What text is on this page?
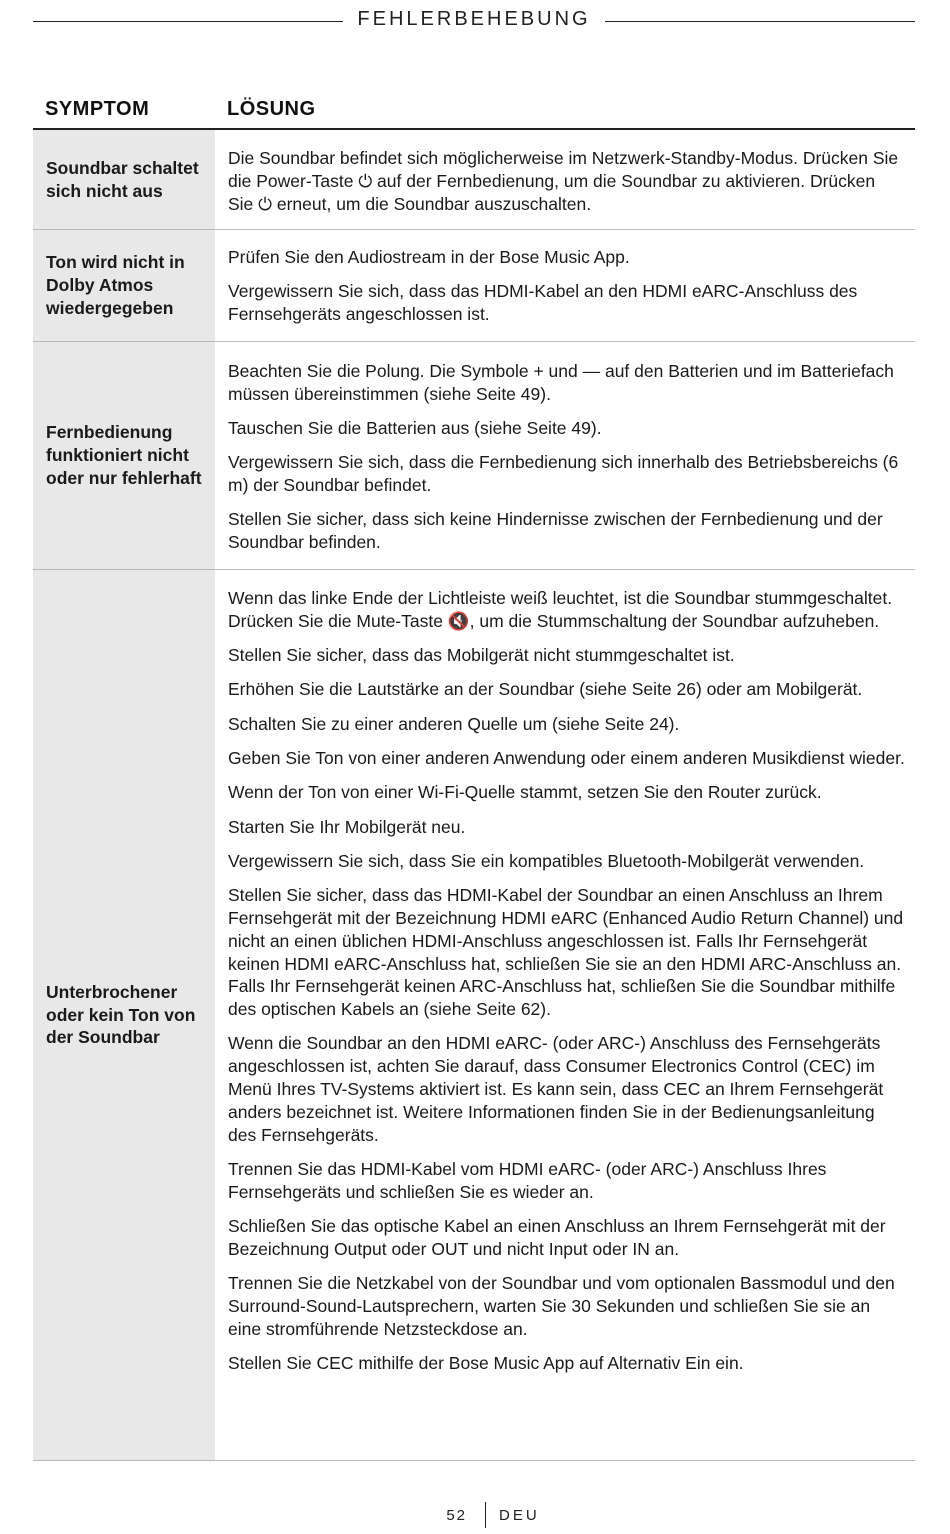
FEHLERBEHEBUNG
SYMPTOM	LÖSUNG
Soundbar schaltet sich nicht aus

Die Soundbar befindet sich möglicherweise im Netzwerk-Standby-Modus. Drücken Sie die Power-Taste ⏻ auf der Fernbedienung, um die Soundbar zu aktivieren. Drücken Sie ⏻ erneut, um die Soundbar auszuschalten.

Ton wird nicht in Dolby Atmos wiedergegeben

Prüfen Sie den Audiostream in der Bose Music App.

Vergewissern Sie sich, dass das HDMI-Kabel an den HDMI eARC-Anschluss des Fernsehgeräts angeschlossen ist.

Fernbedienung funktioniert nicht oder nur fehlerhaft

Beachten Sie die Polung. Die Symbole + und — auf den Batterien und im Batteriefach müssen übereinstimmen (siehe Seite 49).

Tauschen Sie die Batterien aus (siehe Seite 49).

Vergewissern Sie sich, dass die Fernbedienung sich innerhalb des Betriebsbereichs (6 m) der Soundbar befindet.

Stellen Sie sicher, dass sich keine Hindernisse zwischen der Fernbedienung und der Soundbar befinden.

Unterbrochener oder kein Ton von der Soundbar

Wenn das linke Ende der Lichtleiste weiß leuchtet, ist die Soundbar stummgeschaltet. Drücken Sie die Mute-Taste 🔇, um die Stummschaltung der Soundbar aufzuheben.

Stellen Sie sicher, dass das Mobilgerät nicht stummgeschaltet ist.

Erhöhen Sie die Lautstärke an der Soundbar (siehe Seite 26) oder am Mobilgerät.

Schalten Sie zu einer anderen Quelle um (siehe Seite 24).

Geben Sie Ton von einer anderen Anwendung oder einem anderen Musikdienst wieder.

Wenn der Ton von einer Wi-Fi-Quelle stammt, setzen Sie den Router zurück.

Starten Sie Ihr Mobilgerät neu.

Vergewissern Sie sich, dass Sie ein kompatibles Bluetooth-Mobilgerät verwenden.

Stellen Sie sicher, dass das HDMI-Kabel der Soundbar an einen Anschluss an Ihrem Fernsehgerät mit der Bezeichnung HDMI eARC (Enhanced Audio Return Channel) und nicht an einen üblichen HDMI-Anschluss angeschlossen ist. Falls Ihr Fernsehgerät keinen HDMI eARC-Anschluss hat, schließen Sie sie an den HDMI ARC-Anschluss an. Falls Ihr Fernsehgerät keinen ARC-Anschluss hat, schließen Sie die Soundbar mithilfe des optischen Kabels an (siehe Seite 62).

Wenn die Soundbar an den HDMI eARC- (oder ARC-) Anschluss des Fernsehgeräts angeschlossen ist, achten Sie darauf, dass Consumer Electronics Control (CEC) im Menü Ihres TV-Systems aktiviert ist. Es kann sein, dass CEC an Ihrem Fernsehgerät anders bezeichnet ist. Weitere Informationen finden Sie in der Bedienungsanleitung des Fernsehgeräts.

Trennen Sie das HDMI-Kabel vom HDMI eARC- (oder ARC-) Anschluss Ihres Fernsehgeräts und schließen Sie es wieder an.

Schließen Sie das optische Kabel an einen Anschluss an Ihrem Fernsehgerät mit der Bezeichnung Output oder OUT und nicht Input oder IN an.

Trennen Sie die Netzkabel von der Soundbar und vom optionalen Bassmodul und den Surround-Sound-Lautsprechern, warten Sie 30 Sekunden und schließen Sie sie an eine stromführende Netzsteckdose an.

Stellen Sie CEC mithilfe der Bose Music App auf Alternativ Ein ein.

52 DEU
